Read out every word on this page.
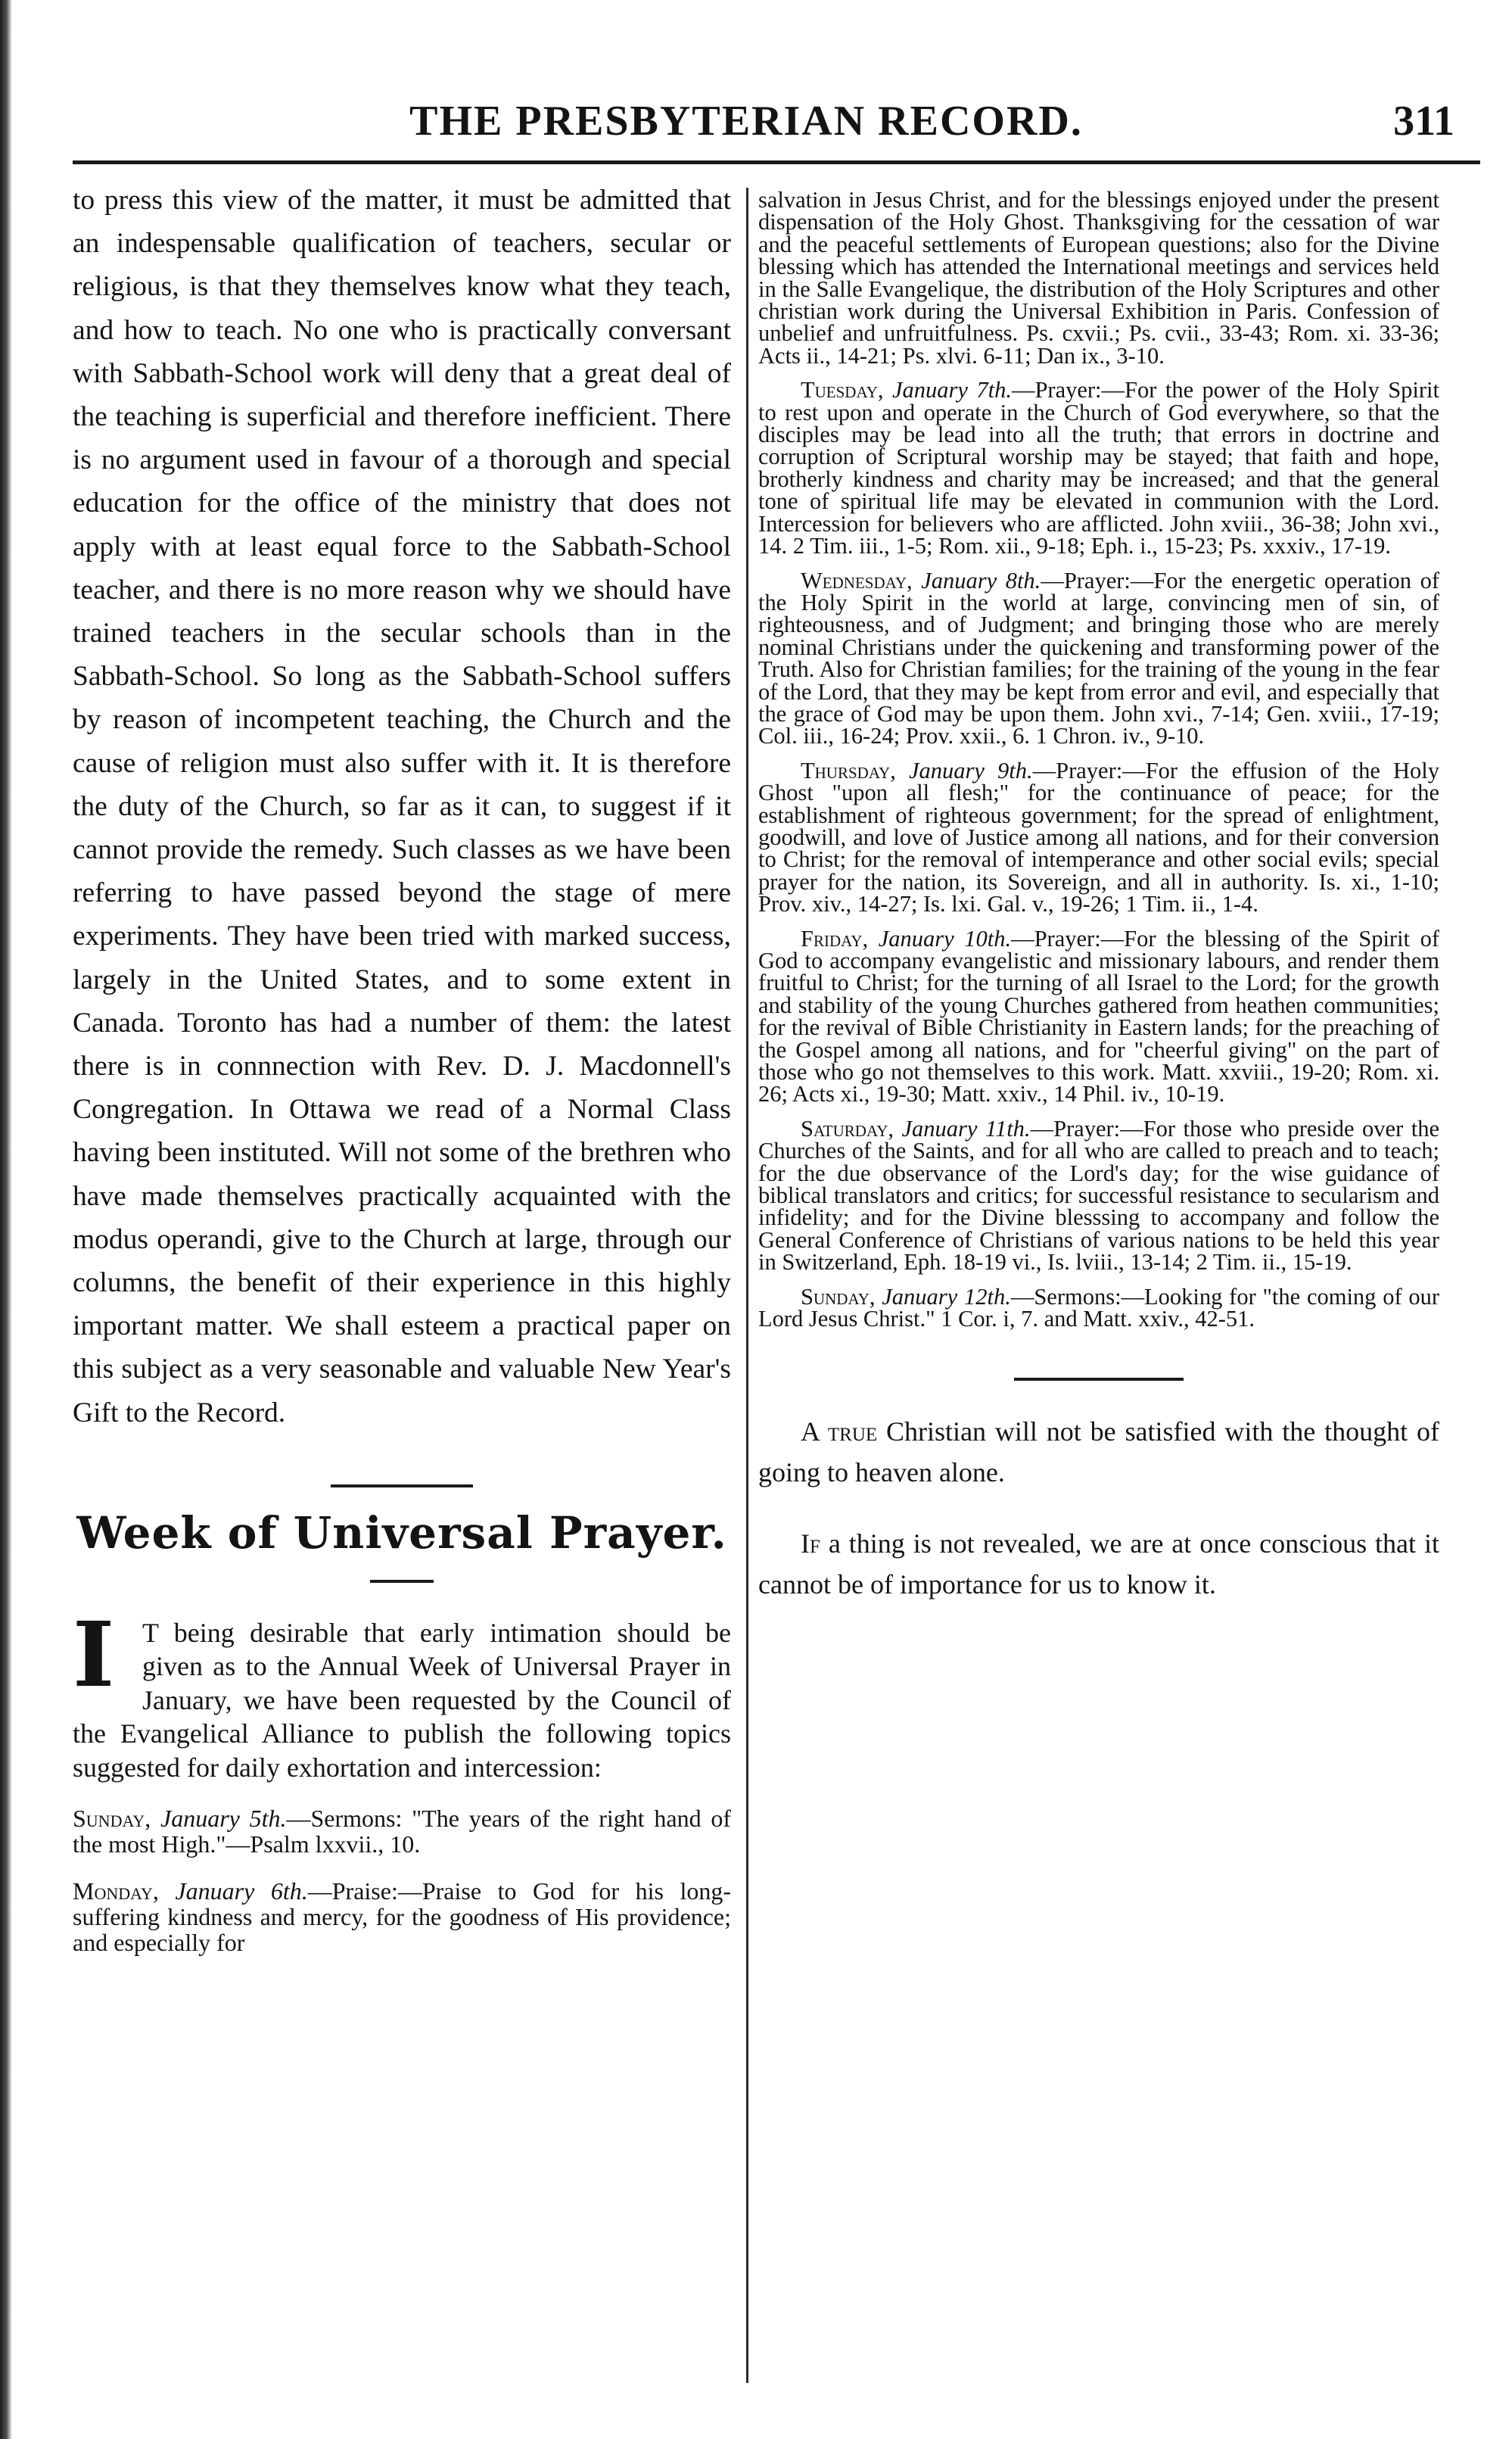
THE PRESBYTERIAN RECORD.	311

to press this view of the matter, it must be admitted that an indespensable qualification of teachers, secular or religious, is that they themselves know what they teach, and how to teach. No one who is practically conversant with Sabbath-School work will deny that a great deal of the teaching is superficial and therefore inefficient. There is no argument used in favour of a thorough and special education for the office of the ministry that does not apply with at least equal force to the Sabbath-School teacher, and there is no more reason why we should have trained teachers in the secular schools than in the Sabbath-School. So long as the Sabbath-School suffers by reason of incompetent teaching, the Church and the cause of religion must also suffer with it. It is therefore the duty of the Church, so far as it can, to suggest if it cannot provide the remedy. Such classes as we have been referring to have passed beyond the stage of mere experiments. They have been tried with marked success, largely in the United States, and to some extent in Canada. Toronto has had a number of them: the latest there is in connnection with Rev. D. J. Macdonnell's Congregation. In Ottawa we read of a Normal Class having been instituted. Will not some of the brethren who have made themselves practically acquainted with the modus operandi, give to the Church at large, through our columns, the benefit of their experience in this highly important matter. We shall esteem a practical paper on this subject as a very seasonable and valuable New Year's Gift to the Record.

Week of Universal Prayer.

I	T being desirable that early intimation should be given as to the Annual Week of Universal Prayer in January, we have been requested by the Council of the Evangelical Alliance to publish the following topics suggested for daily exhortation and intercession:

Sunday, January 5th.—Sermons: "The years of the right hand of the most High."—Psalm lxxvii., 10.

Monday, January 6th.—Praise:—Praise to God for his long-suffering kindness and mercy, for the goodness of His providence; and especially for

salvation in Jesus Christ, and for the blessings enjoyed under the present dispensation of the Holy Ghost. Thanksgiving for the cessation of war and the peaceful settlements of European questions; also for the Divine blessing which has attended the International meetings and services held in the Salle Evangelique, the distribution of the Holy Scriptures and other christian work during the Universal Exhibition in Paris. Confession of unbelief and unfruitfulness. Ps. cxvii.; Ps. cvii., 33-43; Rom. xi. 33-36; Acts ii., 14-21; Ps. xlvi. 6-11; Dan ix., 3-10.

Tuesday, January 7th.—Prayer:—For the power of the Holy Spirit to rest upon and operate in the Church of God everywhere, so that the disciples may be lead into all the truth; that errors in doctrine and corruption of Scriptural worship may be stayed; that faith and hope, brotherly kindness and charity may be increased; and that the general tone of spiritual life may be elevated in communion with the Lord. Intercession for believers who are afflicted. John xviii., 36-38; John xvi., 14. 2 Tim. iii., 1-5; Rom. xii., 9-18; Eph. i., 15-23; Ps. xxxiv., 17-19.

Wednesday, January 8th.—Prayer:—For the energetic operation of the Holy Spirit in the world at large, convincing men of sin, of righteousness, and of Judgment; and bringing those who are merely nominal Christians under the quickening and transforming power of the Truth. Also for Christian families; for the training of the young in the fear of the Lord, that they may be kept from error and evil, and especially that the grace of God may be upon them. John xvi., 7-14; Gen. xviii., 17-19; Col. iii., 16-24; Prov. xxii., 6. 1 Chron. iv., 9-10.

Thursday, January 9th.—Prayer:—For the effusion of the Holy Ghost "upon all flesh;" for the continuance of peace; for the establishment of righteous government; for the spread of enlightment, goodwill, and love of Justice among all nations, and for their conversion to Christ; for the removal of intemperance and other social evils; special prayer for the nation, its Sovereign, and all in authority. Is. xi., 1-10; Prov. xiv., 14-27; Is. lxi. Gal. v., 19-26; 1 Tim. ii., 1-4.

Friday, January 10th.—Prayer:—For the blessing of the Spirit of God to accompany evangelistic and missionary labours, and render them fruitful to Christ; for the turning of all Israel to the Lord; for the growth and stability of the young Churches gathered from heathen communities; for the revival of Bible Christianity in Eastern lands; for the preaching of the Gospel among all nations, and for "cheerful giving" on the part of those who go not themselves to this work. Matt. xxviii., 19-20; Rom. xi. 26; Acts xi., 19-30; Matt. xxiv., 14 Phil. iv., 10-19.

Saturday, January 11th.—Prayer:—For those who preside over the Churches of the Saints, and for all who are called to preach and to teach; for the due observance of the Lord's day; for the wise guidance of biblical translators and critics; for successful resistance to secularism and infidelity; and for the Divine blesssing to accompany and follow the General Conference of Christians of various nations to be held this year in Switzerland, Eph. 18-19 vi., Is. lviii., 13-14; 2 Tim. ii., 15-19.

Sunday, January 12th.—Sermons:—Looking for "the coming of our Lord Jesus Christ." 1 Cor. i, 7. and Matt. xxiv., 42-51.

A true Christian will not be satisfied with the thought of going to heaven alone.

If a thing is not revealed, we are at once conscious that it cannot be of importance for us to know it.
